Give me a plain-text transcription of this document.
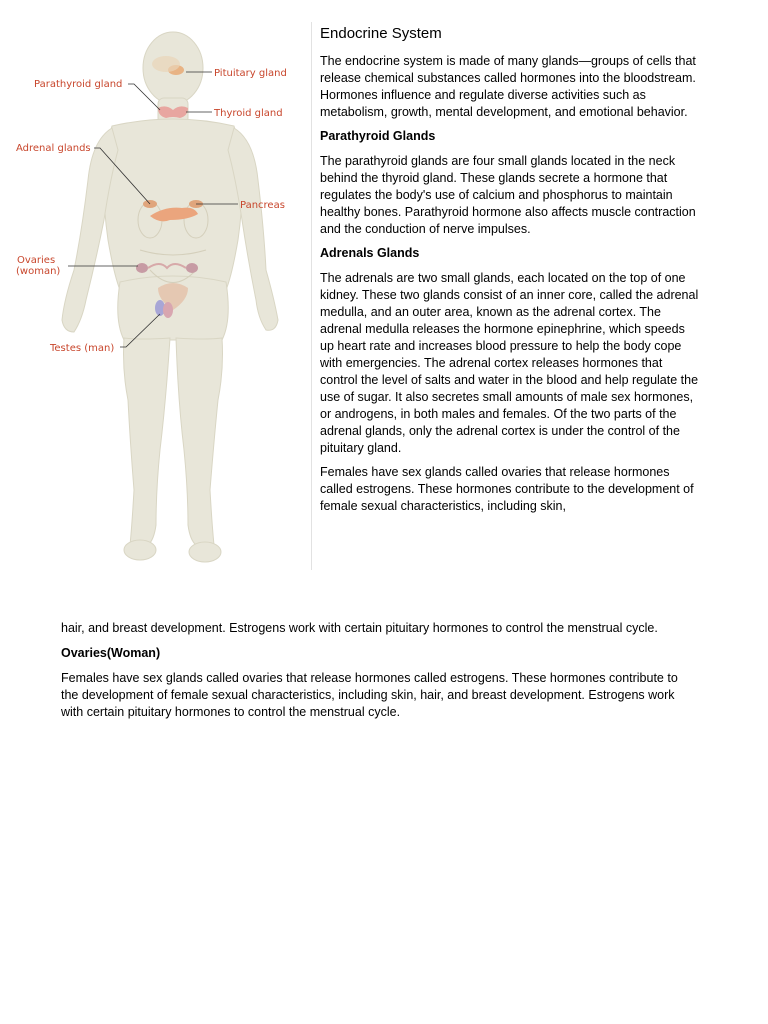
Pituitary gland
Parathyroid gland
Thyroid gland
Adrenal glands
Pancreas
Ovaries
(woman)
Testes (man)
Endocrine System

The endocrine system is made of many glands—groups of cells that release chemical substances called hormones into the bloodstream. Hormones influence and regulate diverse activities such as metabolism, growth, mental development, and emotional behavior.

Parathyroid Glands

The parathyroid glands are four small glands located in the neck behind the thyroid gland. These glands secrete a hormone that regulates the body's use of calcium and phosphorus to maintain healthy bones. Parathyroid hormone also affects muscle contraction and the conduction of nerve impulses.

Adrenals Glands

The adrenals are two small glands, each located on the top of one kidney. These two glands consist of an inner core, called the adrenal medulla, and an outer area, known as the adrenal cortex. The adrenal medulla releases the hormone epinephrine, which speeds up heart rate and increases blood pressure to help the body cope with emergencies. The adrenal cortex releases hormones that control the level of salts and water in the blood and help regulate the use of sugar. It also secretes small amounts of male sex hormones, or androgens, in both males and females. Of the two parts of the adrenal glands, only the adrenal cortex is under the control of the pituitary gland.

Females have sex glands called ovaries that release hormones called estrogens. These hormones contribute to the development of female sexual characteristics, including skin,

hair, and breast development. Estrogens work with certain pituitary hormones to control the menstrual cycle.

Ovaries(Woman)

Females have sex glands called ovaries that release hormones called estrogens. These hormones contribute to the development of female sexual characteristics, including skin, hair, and breast development. Estrogens work with certain pituitary hormones to control the menstrual cycle.
